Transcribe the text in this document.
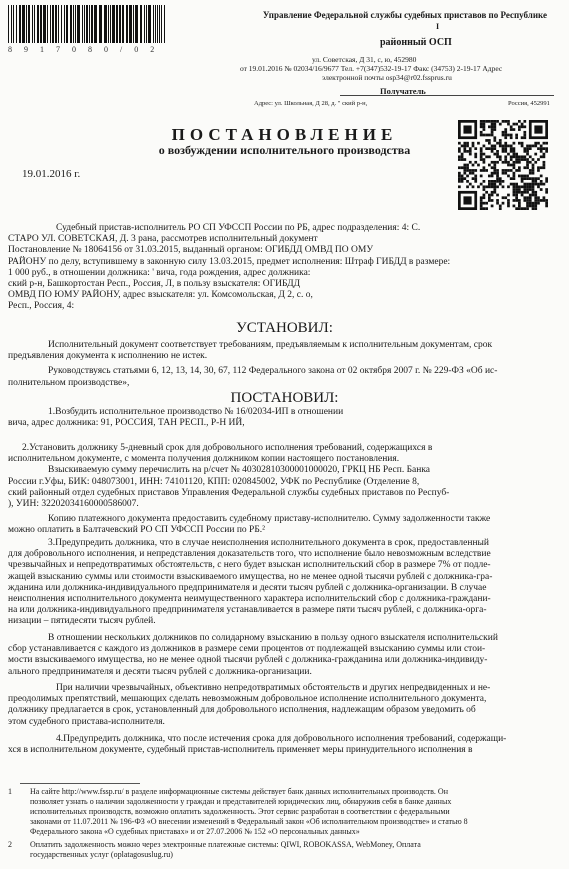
8 9 1 7 0 8 0 / 0 2
Управление Федеральной службы судебных приставов по Республике
I
районный ОСП
ул. Советская, Д 31, с, ю, 452980
от 19.01.2016 № 02034/16/9677 Тел. +7(347)532-19-17 Факс (34753) 2-19-17 Адрес
электронной почты osp34@r02.fssprus.ru
Получатель
Адрес: ул. Школьная, Д 28, д. " ский р-н,	Россия, 452991
ПОСТАНОВЛЕНИЕ
о возбуждении исполнительного производства
19.01.2016 г.
Судебный пристав-исполнитель РО СП УФССП России по РБ, адрес подразделения: 4: С.
СТАРО УЛ. СОВЕТСКАЯ, Д. 3 рана, рассмотрев исполнительный документ
Постановление № 18064156 от 31.03.2015, выданный органом: ОГИБДД ОМВД ПО ОМУ
РАЙОНУ по делу, вступившему в законную силу 13.03.2015, предмет исполнения: Штраф ГИБДД в размере:
1 000 руб., в отношении должника: ' вича, года рождения, адрес должника:
ский р-н, Башкортостан Респ., Россия, Л, в пользу взыскателя: ОГИБДД
ОМВД ПО ЮМУ РАЙОНУ, адрес взыскателя: ул. Комсомольская, Д 2, с. о,
Респ., Россия, 4:
УСТАНОВИЛ:
Исполнительный документ соответствует требованиям, предъявляемым к исполнительным документам, срок
предъявления документа к исполнению не истек.
Руководствуясь статьями 6, 12, 13, 14, 30, 67, 112 Федерального закона от 02 октября 2007 г. № 229-ФЗ «Об ис-
полнительном производстве»,
ПОСТАНОВИЛ:
1.Возбудить исполнительное производство № 16/02034-ИП в отношении
вича, адрес должника: 91, РОССИЯ, ТАН РЕСП., Р-Н ИЙ,
2.Установить должнику 5-дневный срок для добровольного исполнения требований, содержащихся в
исполнительном документе, с момента получения должником копии настоящего постановления.
Взыскиваемую сумму перечислить на р/счет № 40302810300001000020, ГРКЦ НБ Респ. Банка
России г.Уфы, БИК: 048073001, ИНН: 74101120, КПП: 020845002, УФК по Республике (Отделение 8,
ский районный отдел судебных приставов Управления Федеральной службы судебных приставов по Респуб-
), УИН: 32202034160000586007.
Копию платежного документа предоставить судебному приставу-исполнителю. Сумму задолженности также
можно оплатить в Балтачевский РО СП УФССП России по РБ.²
3.Предупредить должника, что в случае неисполнения исполнительного документа в срок, предоставленный
для добровольного исполнения, и непредставления доказательств того, что исполнение было невозможным вследствие
чрезвычайных и непредотвратимых обстоятельств, с него будет взыскан исполнительский сбор в размере 7% от подле-
жащей взысканию суммы или стоимости взыскиваемого имущества, но не менее одной тысячи рублей с должника-гра-
жданина или должника-индивидуального предпринимателя и десяти тысяч рублей с должника-организации. В случае
неисполнения исполнительного документа неимущественного характера исполнительский сбор с должника-граждани-
на или должника-индивидуального предпринимателя устанавливается в размере пяти тысяч рублей, с должника-орга-
низации – пятидесяти тысяч рублей.
В отношении нескольких должников по солидарному взысканию в пользу одного взыскателя исполнительский
сбор устанавливается с каждого из должников в размере семи процентов от подлежащей взысканию суммы или стои-
мости взыскиваемого имущества, но не менее одной тысячи рублей с должника-гражданина или должника-индивиду-
ального предпринимателя и десяти тысяч рублей с должника-организации.
При наличии чрезвычайных, объективно непредотвратимых обстоятельств и других непредвиденных и не-
преодолимых препятствий, мешающих сделать невозможным добровольное исполнение исполнительного документа,
должнику предлагается в срок, установленный для добровольного исполнения, надлежащим образом уведомить об
этом судебного пристава-исполнителя.
4.Предупредить должника, что после истечения срока для добровольного исполнения требований, содержащи-
хся в исполнительном документе, судебный пристав-исполнитель применяет меры принудительного исполнения в
1	На сайте http://www.fssp.ru/ в разделе информационные системы действует банк данных исполнительных производств. Он
позволяет узнать о наличии задолженности у граждан и представителей юридических лиц, обнаружив себя в банке данных
исполнительных производств, возможно оплатить задолженность. Этот сервис разработан в соответствии с федеральными
законами от 11.07.2011 № 196-ФЗ «О внесении изменений в Федеральный закон «Об исполнительном производстве» и статью 8
Федерального закона «О судебных приставах» и от 27.07.2006 № 152 «О персональных данных»
2	Оплатить задолженность можно через электронные платежные системы: QIWI, ROBOKASSA, WebMoney, Оплата
государственных услуг (oplatagosuslug.ru)
